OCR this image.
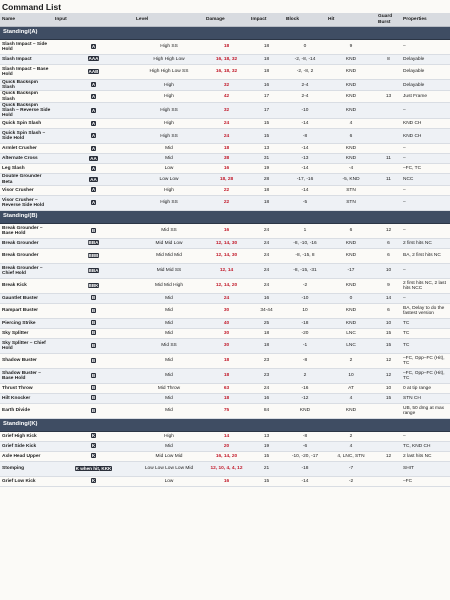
Command List
Name	Input	Level	Damage	Impact	Block	Hit	Guard Burst	Properties
Standing/(A)								
Slash Impact – Side Hold	A	High SS	18	18	0	9		–
Slash Impact	AAA	High High Low	16, 18, 32	18	-2, -8, -14	KND	8	Delayable
Slash Impact – Base Hold	AAB	High High Low SS	16, 18, 32	18	-2, -8, 2	KND		Delayable
Quick Backspin Slash	A	High	32	16	2-4	KND		Delayable
Quick Backspin Slash	A	High	42	17	2-4	KND	13	Just Frame
Quick Backspin Slash – Reverse Side Hold	A	High SS	32	17	-10	KND		–
Quick Spin Slash	A	High	24	15	-14	4		KND CH
Quick Spin Slash – Side Hold	A	High SS	24	15	-8	6		KND CH
Armlet Crusher	A	Mid	18	13	-14	KND		–
Alternate Cross	AA	Mid	38	31	-13	KND	11	–
Leg Slash	A	Low	16	19	-14	-4		–FC, TC
Double Grounder Beta	AA	Low Low	18, 28	28	-17, -16	-5, KND	11	NCC
Visor Crusher	A	High	22	18	-14	STN		–
Visor Crusher – Reverse Side Hold	A	High SS	22	18	-5	STN		–
Standing/(B)								
Break Grounder – Base Hold	B	Mid SS	16	24	1	6	12	–
Break Grounder	BBA	Mid Mid Low	12, 14, 30	24	-8, -10, -16	KND	6	2 first hits NC
Break Grounder	BBB	Mid Mid Mid	12, 14, 30	24	-8, -15, 8	KND	6	BA, 2 first hits NC
Break Grounder – Chief Hold	BBA	Mid Mid SS	12, 14	24	-8, -15, -31	-17	10	–
Break Kick	BBK	Mid Mid High	12, 14, 20	24	-2	KND	9	2 first hits NC, 2 last hits NCC
Gauntlet Buster	B	Mid	24	16	-10	0	14	–
Rampart Buster	B	Mid	30	34-44	10	KND	6	BA, Delay to do the fastest version
Piercing Strike	B	Mid	40	25	-18	KND	10	TC
Sky Splitter	B	Mid	30	18	-20	LNC	15	TC
Sky Splitter – Chief Hold	B	Mid SS	30	18	-1	LNC	15	TC
Shadow Buster	B	Mid	18	23	-8	2	12	–FC, Opp–FC (Hit), TC
Shadow Buster – Base Hold	B	Mid	18	23	2	10	12	–FC, Opp–FC (Hit), TC
Thrust Throw	B	Mid Throw	63	24	-16	AT	10	0 at tip range
Hilt Knocker	B	Mid	18	16	-12	4	15	STN CH
Earth Divide	B	Mid	75	84	KND	KND		UB, 50 dmg at max range
Standing/(K)								
Grief High Kick	K	High	14	13	-8	2		–
Grief Side Kick	K	Mid	20	19	-6	4		TC, KND CH
Axle Head Upper	K	Mid Low Mid	16, 14, 20	15	-10, -20, -17	4, LNC, STN	12	2 last hits NC
Stomping	K when hit, KKK	Low Low Low Low Mid	12, 10, 4, 4, 12	21	-18	-7		SHIT
Grief Low Kick	K	Low	16	15	-14	-2		–FC
